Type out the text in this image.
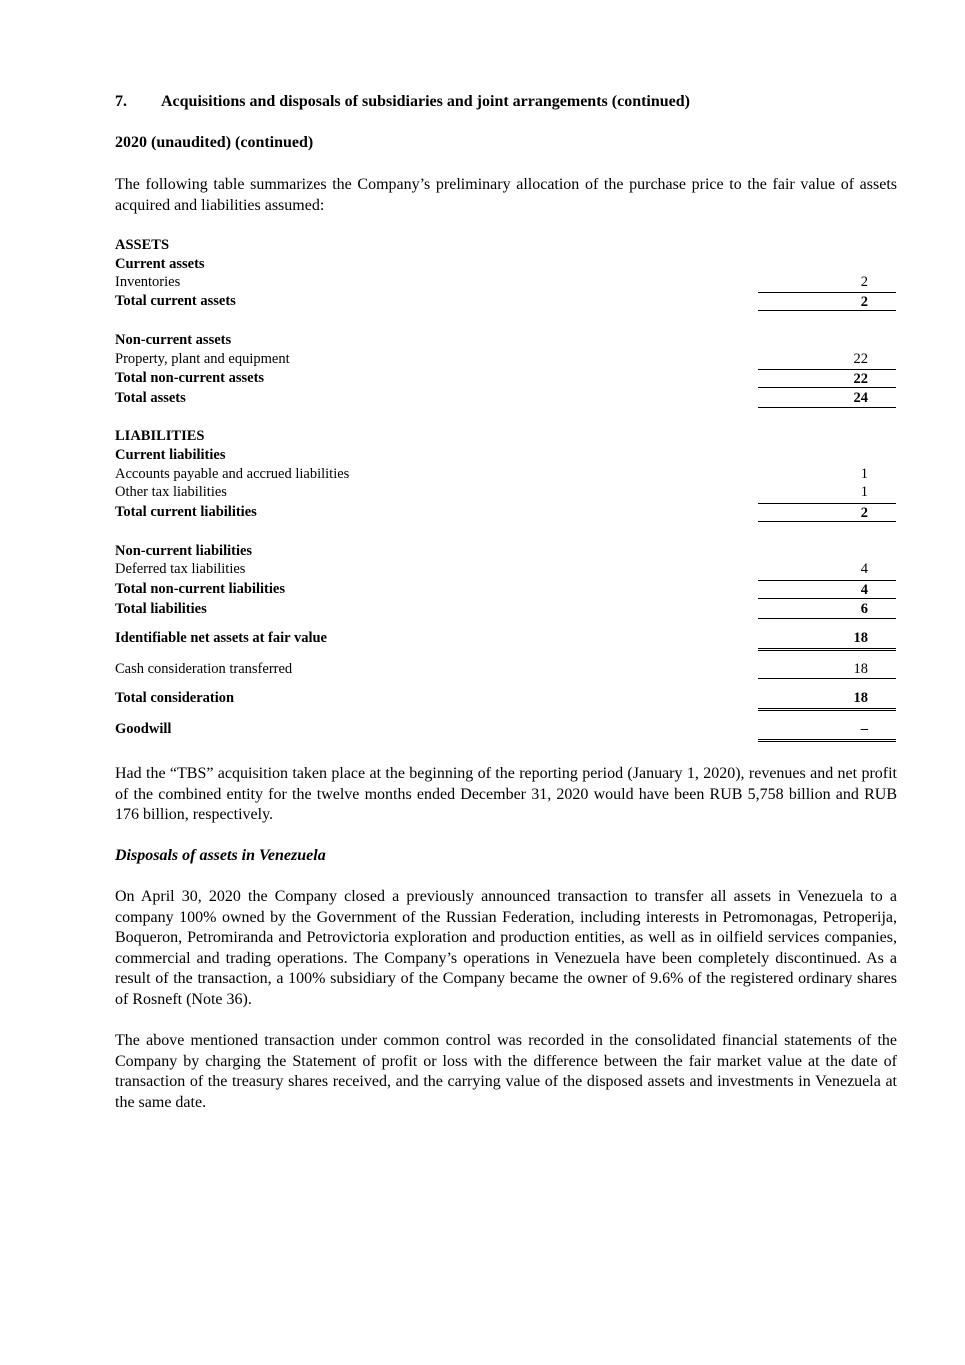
7. Acquisitions and disposals of subsidiaries and joint arrangements (continued)
2020 (unaudited) (continued)
The following table summarizes the Company’s preliminary allocation of the purchase price to the fair value of assets acquired and liabilities assumed:
ASSETS
Current assets
Inventories	2
Total current assets	2
Non-current assets
Property, plant and equipment	22
Total non-current assets	22
Total assets	24
LIABILITIES
Current liabilities
Accounts payable and accrued liabilities	1
Other tax liabilities	1
Total current liabilities	2
Non-current liabilities
Deferred tax liabilities	4
Total non-current liabilities	4
Total liabilities	6
Identifiable net assets at fair value	18
Cash consideration transferred	18
Total consideration	18
Goodwill	–
Had the “TBS” acquisition taken place at the beginning of the reporting period (January 1, 2020), revenues and net profit of the combined entity for the twelve months ended December 31, 2020 would have been RUB 5,758 billion and RUB 176 billion, respectively.
Disposals of assets in Venezuela
On April 30, 2020 the Company closed a previously announced transaction to transfer all assets in Venezuela to a company 100% owned by the Government of the Russian Federation, including interests in Petromonagas, Petroperija, Boqueron, Petromiranda and Petrovictoria exploration and production entities, as well as in oilfield services companies, commercial and trading operations. The Company’s operations in Venezuela have been completely discontinued. As a result of the transaction, a 100% subsidiary of the Company became the owner of 9.6% of the registered ordinary shares of Rosneft (Note 36).
The above mentioned transaction under common control was recorded in the consolidated financial statements of the Company by charging the Statement of profit or loss with the difference between the fair market value at the date of transaction of the treasury shares received, and the carrying value of the disposed assets and investments in Venezuela at the same date.
